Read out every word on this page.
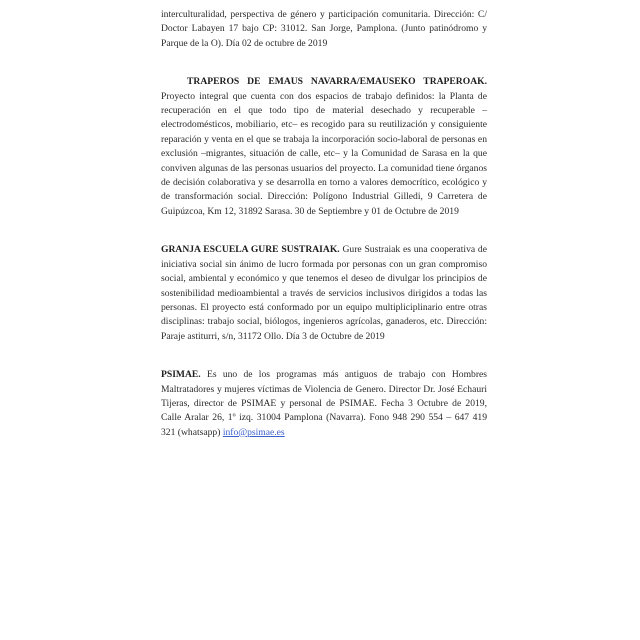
interculturalidad, perspectiva de género y participación comunitaria. Dirección: C/ Doctor Labayen 17 bajo CP: 31012. San Jorge, Pamplona. (Junto patinódromo y Parque de la O). Día 02 de octubre de 2019

TRAPEROS DE EMAUS NAVARRA/EMAUSEKO TRAPEROAK. Proyecto integral que cuenta con dos espacios de trabajo definidos: la Planta de recuperación en el que todo tipo de material desechado y recuperable –electrodomésticos, mobiliario, etc– es recogido para su reutilización y consiguiente reparación y venta en el que se trabaja la incorporación socio-laboral de personas en exclusión –migrantes, situación de calle, etc– y la Comunidad de Sarasa en la que conviven algunas de las personas usuarios del proyecto. La comunidad tiene órganos de decisión colaborativa y se desarrolla en torno a valores democrítico, ecológico y de transformación social. Dirección: Polígono Industrial Gilledi, 9 Carretera de Guipúzcoa, Km 12, 31892 Sarasa. 30 de Septiembre y 01 de Octubre de 2019

GRANJA ESCUELA GURE SUSTRAIAK. Gure Sustraiak es una cooperativa de iniciativa social sin ánimo de lucro formada por personas con un gran compromiso social, ambiental y económico y que tenemos el deseo de divulgar los principios de sostenibilidad medioambiental a través de servicios inclusivos dirigidos a todas las personas. El proyecto está conformado por un equipo multipliciplinario entre otras disciplinas: trabajo social, biólogos, ingenieros agrícolas, ganaderos, etc. Dirección: Paraje astiturri, s/n, 31172 Ollo. Día 3 de Octubre de 2019

PSIMAE. Es uno de los programas más antiguos de trabajo con Hombres Maltratadores y mujeres víctimas de Violencia de Genero. Director Dr. José Echauri Tijeras, director de PSIMAE y personal de PSIMAE. Fecha 3 Octubre de 2019, Calle Aralar 26, 1º izq. 31004 Pamplona (Navarra). Fono 948 290 554 – 647 419 321 (whatsapp) info@psimae.es
